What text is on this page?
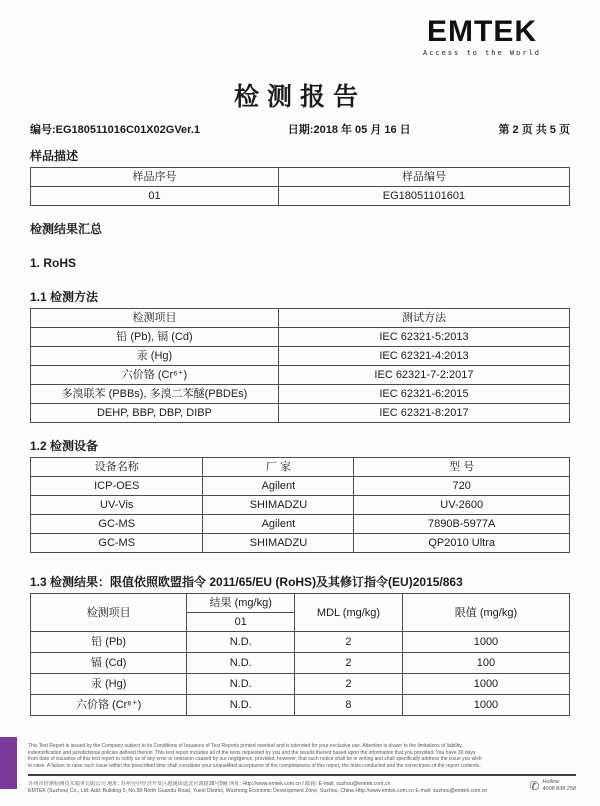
EMTEK
Access to the World
检测报告
编号:EG180511016C01X02GVer.1	日期:2018 年 05 月 16 日	第 2 页 共 5 页
样品描述
样品序号	样品编号
01	EG18051101601
检测结果汇总
1. RoHS
1.1 检测方法
检测项目	测试方法
铅 (Pb), 镉 (Cd)	IEC 62321-5:2013
汞 (Hg)	IEC 62321-4:2013
六价铬 (Cr⁶⁺)	IEC 62321-7-2:2017
多溴联苯 (PBBs), 多溴二苯醚(PBDEs)	IEC 62321-6:2015
DEHP, BBP, DBP, DIBP	IEC 62321-8:2017
1.2 检测设备
设备名称	厂 家	型 号
ICP-OES	Agilent	720
UV-Vis	SHIMADZU	UV-2600
GC-MS	Agilent	7890B-5977A
GC-MS	SHIMADZU	QP2010 Ultra
1.3 检测结果：限值依照欧盟指令 2011/65/EU (RoHS)及其修订指令(EU)2015/863
检测项目	结果 (mg/kg)	MDL (mg/kg)	限值 (mg/kg)
	01		
铅 (Pb)	N.D.	2	1000
镉 (Cd)	N.D.	2	100
汞 (Hg)	N.D.	2	1000
六价铬 (Cr⁶⁺)	N.D.	8	1000
This Test Report is issued by the Company subject to its Conditions of Issuance of Test Reports printed overleaf and is intended for your exclusive use. Attention is drawn to the limitations of liability,
indemnification and jurisdictional policies defined therein. This test report includes all of the tests requested by you and the results thereof based upon the information that you provided. You have 30 days
from date of issuance of this test report to notify us of any error or omission caused by our negligence, provided, however, that such notice shall be in writing and shall specifically address the issue you wish
to raise. A failure to raise such issue within the prescribed time shall constitute your unqualified acceptance of the completeness of this report, the tests conducted and the correctness of the report contents.
苏州市倍测检测技术服务有限公司 地址: 苏州吴中经济开发区越溪街道北官渡路38号5幢 网址: Http://www.emtek.com.cn / 邮箱: E-mail: suzhou@emtek.com.cn
EMTEK (Suzhou) Co., Ltd. Add: Building 5, No.38 North Guandu Road, Yuexi District, Wuzhong Economic Development Zone, Suzhou, China Http://www.emtek.com.cn E-mail: suzhou@emtek.com.cn	✆ Hotline
4008 838 258
